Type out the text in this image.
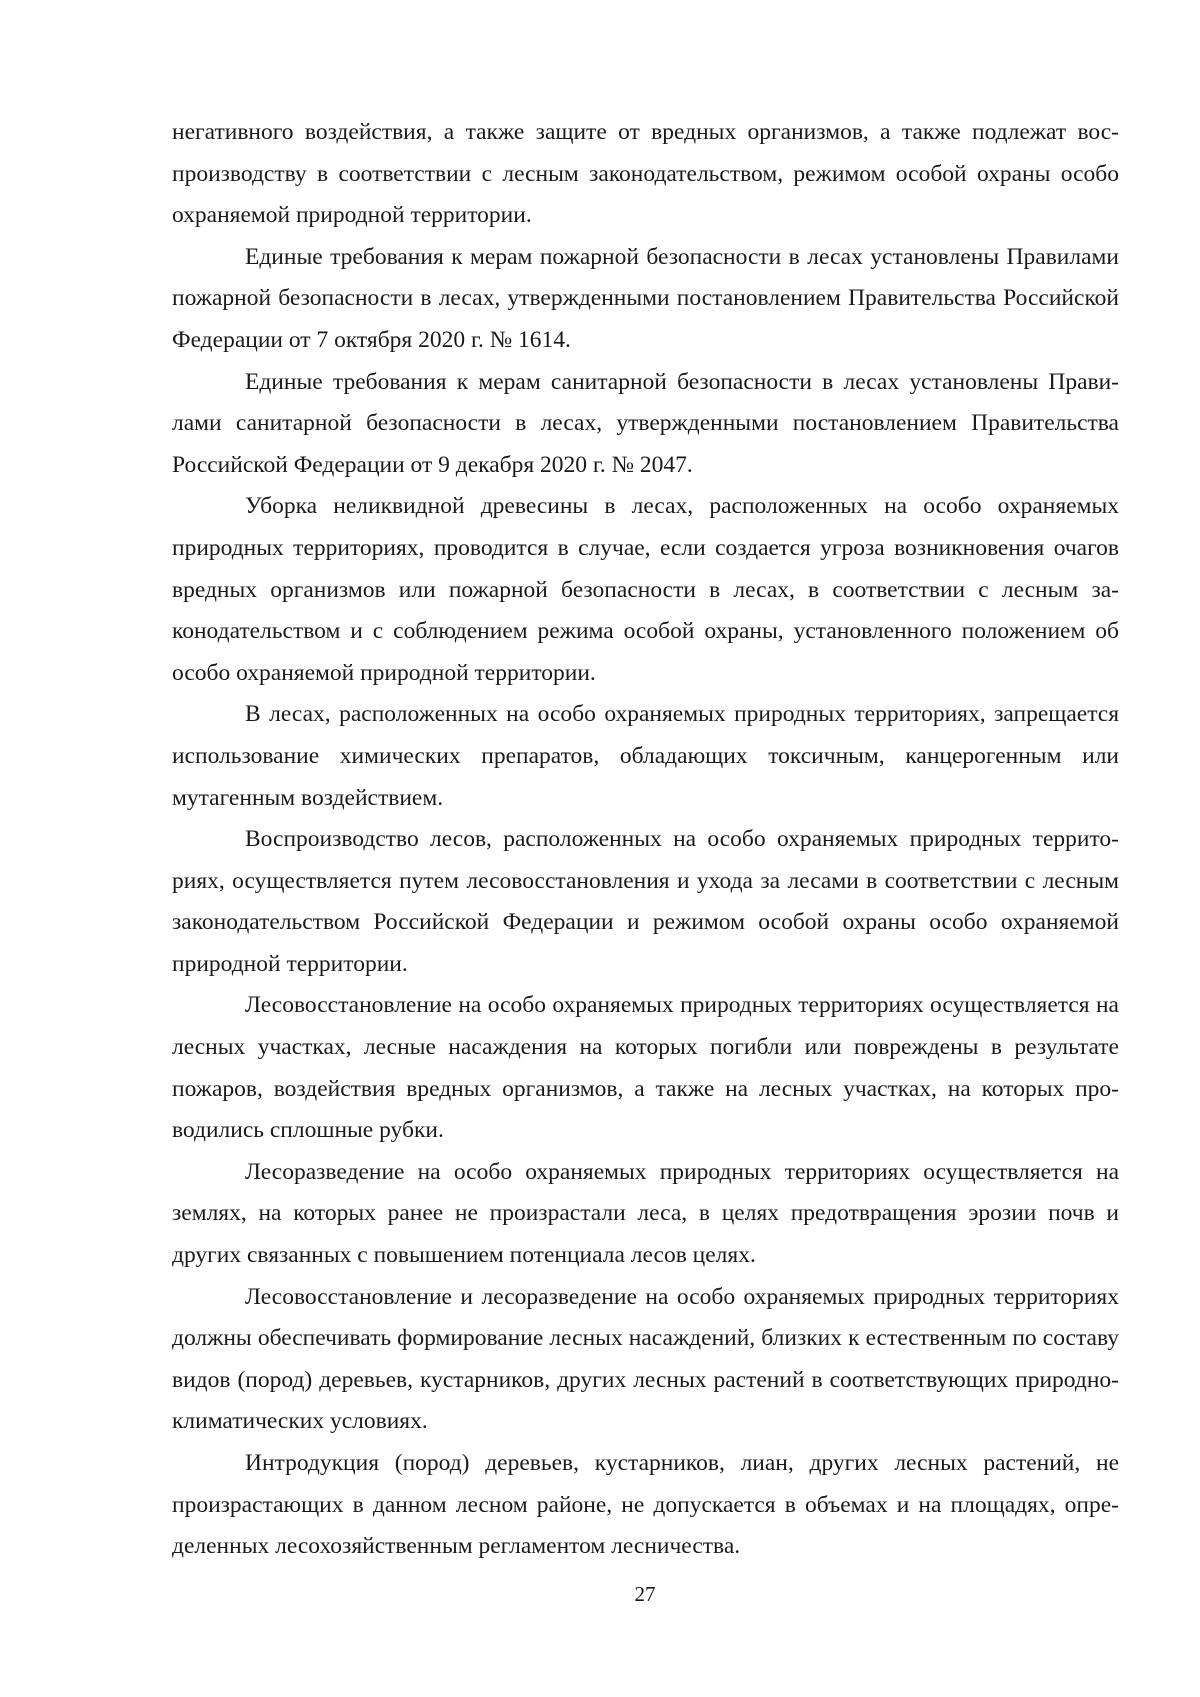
негативного воздействия, а также защите от вредных организмов, а также подлежат воспроизводству в соответствии с лесным законодательством, режимом особой охраны особо охраняемой природной территории.

Единые требования к мерам пожарной безопасности в лесах установлены Правилами пожарной безопасности в лесах, утвержденными постановлением Правительства Российской Федерации от 7 октября 2020 г. № 1614.

Единые требования к мерам санитарной безопасности в лесах установлены Правилами санитарной безопасности в лесах, утвержденными постановлением Правительства Российской Федерации от 9 декабря 2020 г. № 2047.

Уборка неликвидной древесины в лесах, расположенных на особо охраняемых природных территориях, проводится в случае, если создается угроза возникновения очагов вредных организмов или пожарной безопасности в лесах, в соответствии с лесным законодательством и с соблюдением режима особой охраны, установленного положением об особо охраняемой природной территории.

В лесах, расположенных на особо охраняемых природных территориях, запрещается использование химических препаратов, обладающих токсичным, канцерогенным или мутагенным воздействием.

Воспроизводство лесов, расположенных на особо охраняемых природных территориях, осуществляется путем лесовосстановления и ухода за лесами в соответствии с лесным законодательством Российской Федерации и режимом особой охраны особо охраняемой природной территории.

Лесовосстановление на особо охраняемых природных территориях осуществляется на лесных участках, лесные насаждения на которых погибли или повреждены в результате пожаров, воздействия вредных организмов, а также на лесных участках, на которых проводились сплошные рубки.

Лесоразведение на особо охраняемых природных территориях осуществляется на землях, на которых ранее не произрастали леса, в целях предотвращения эрозии почв и других связанных с повышением потенциала лесов целях.

Лесовосстановление и лесоразведение на особо охраняемых природных территориях должны обеспечивать формирование лесных насаждений, близких к естественным по составу видов (пород) деревьев, кустарников, других лесных растений в соответствующих природно-климатических условиях.

Интродукция (пород) деревьев, кустарников, лиан, других лесных растений, не произрастающих в данном лесном районе, не допускается в объемах и на площадях, определенных лесохозяйственным регламентом лесничества.

27
